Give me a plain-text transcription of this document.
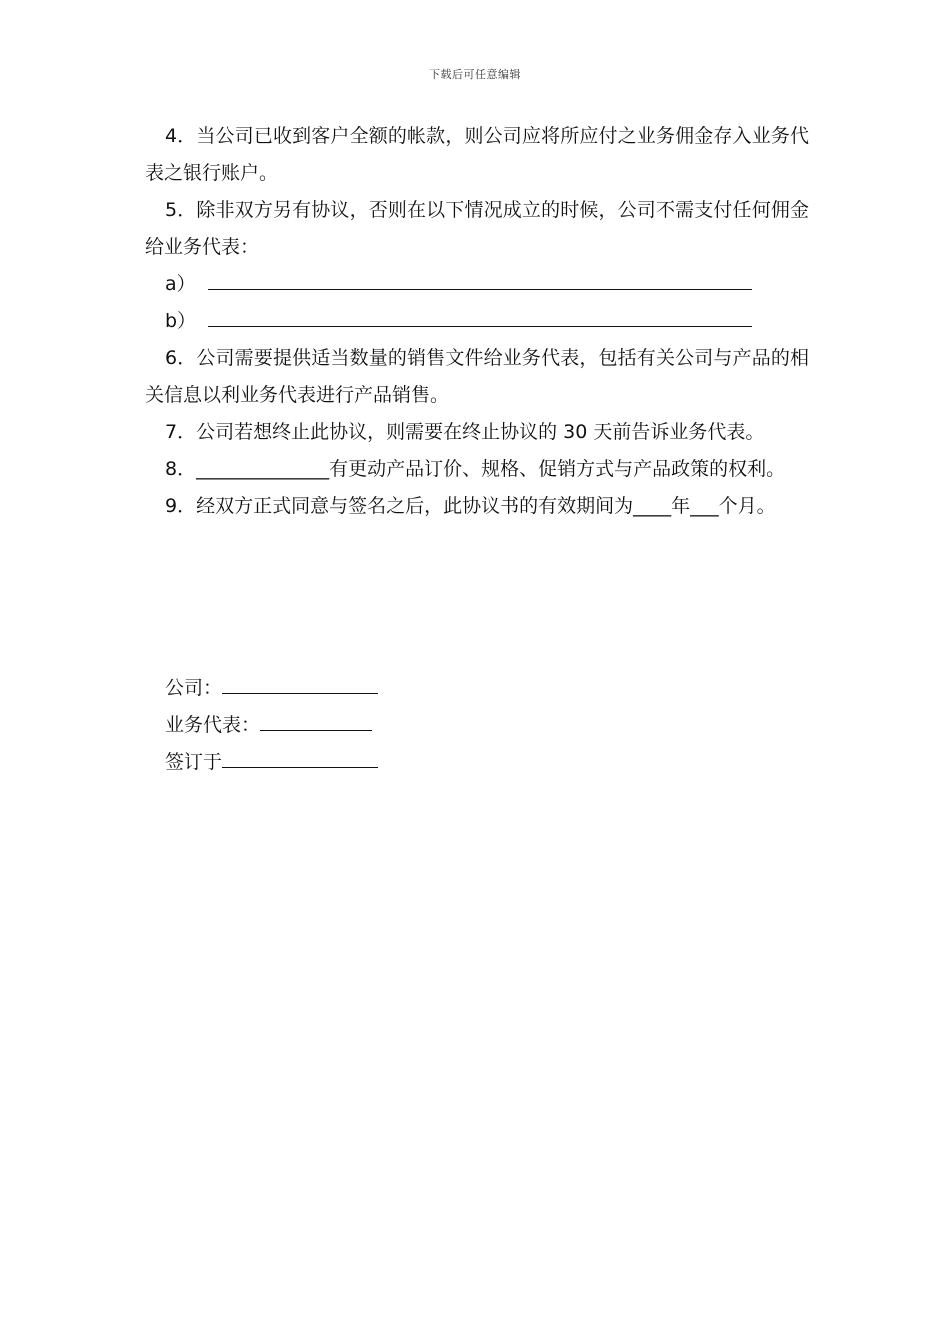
下载后可任意编辑

4．当公司已收到客户全额的帐款，则公司应将所应付之业务佣金存入业务代表之银行账户。

5．除非双方另有协议，否则在以下情况成立的时候，公司不需支付任何佣金给业务代表：

a）

b）

6．公司需要提供适当数量的销售文件给业务代表，包括有关公司与产品的相关信息以利业务代表进行产品销售。

7．公司若想终止此协议，则需要在终止协议的 30 天前告诉业务代表。

8．______________有更动产品订价、规格、促销方式与产品政策的权利。

9．经双方正式同意与签名之后，此协议书的有效期间为____年___个月。

公司：

业务代表：

签订于
